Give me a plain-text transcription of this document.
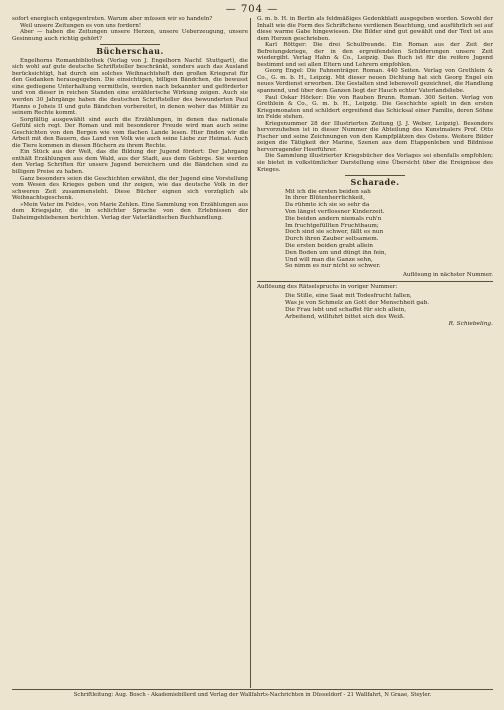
— 704 —

sofort energisch entgegentreten. Warum aber müssen wir so handeln?

Weil unsere Zeitungen es von uns fordern!

Aber — haben die Zeitungen unsere Herzen, unsere Ueberzeugung, unsere Gesinnung auch richtig gehört?

Bücherschau.

Engelhorns Romanbibliothek (Verlag von J. Engelhorn Nachf. Stuttgart), die sich wohl auf gute deutsche Schriftsteller beschränkt, sonders auch das Ausland berücksichtigt, hat durch ein solches Weihnachtsheft den großen Kriegsrat für den Gedanken herausgegeben. Die einsichtigen, billigen Bändchen, die bewusst eine gediegene Unterhaltung vermitteln, werden nach bekannter und geförderter und von dieser in reichen Standen eine erzählerische Wirkung zeigen. Auch sie werden 30 Jahrgänge haben die deutschen Schriftsteller des bewunderten Paul Hanns o Joheis II und gute Bändchen vorbereitet, in denen woher das Militär zu seinem Rechte kommt.

Sorgfältig ausgewählt sind auch die Erzählungen, in denen das nationale Gefühl sich regt. Der Roman und mit besonderer Freude wird man auch seine Geschichten von den Bergen wie vom flachen Lande lesen. Hier finden wir die Arbeit mit den Bauern, das Land von Volk wie auch seine Liebe zur Heimat. Auch die Tiere kommen in diesen Büchern zu ihrem Rechte.

Ein Stück aus der Welt, das die Bildung der Jugend fördert: Der Jahrgang enthält Erzählungen aus dem Wald, aus der Stadt, aus dem Gebirge. Sie werden den Verlag Schriften für unsere Jugend bereichern und die Bändchen sind zu billigem Preise zu haben.

Ganz besonders seien die Geschichten erwähnt, die der Jugend eine Vorstellung vom Wesen des Krieges geben und ihr zeigen, wie das deutsche Volk in der schweren Zeit zusammensteht. Diese Bücher eignen sich vorzüglich als Weihnachtsgeschenk.

»Mein Vater im Felde«, von Marie Zehlen. Eine Sammlung von Erzählungen aus dem Kriegsjahr, die in schlichter Sprache von den Erlebnissen der Daheimgebliebenen berichten. Verlag der Vaterländischen Buchhandlung.

G. m. b. H. in Berlin als feldmäßiges Gedenkblatt ausgegeben worden. Sowohl der Inhalt wie die Form des Schriftchens verdienen Beachtung, und ausführlich sei auf diese warme Gabe hingewiesen. Die Bilder sind gut gewählt und der Text ist aus dem Herzen geschrieben.

Karl Röttger: Die drei Schulfreunde. Ein Roman aus der Zeit der Befreiungskriege, der in den ergreifendsten Schilderungen unsere Zeit wiedergibt. Verlag Hahn & Co., Leipzig. Das Buch ist für die reifere Jugend bestimmt und sei allen Eltern und Lehrern empfohlen.

Georg Engel: Die Fahnenträger. Roman. 440 Seiten. Verlag von Grethlein & Co., G. m. b. H., Leipzig. Mit dieser neuen Dichtung hat sich Georg Engel ein neues Verdienst erworben. Die Gestalten sind lebensvoll gezeichnet, die Handlung spannend, und über dem Ganzen liegt der Hauch echter Vaterlandsliebe.

Paul Oskar Höcker: Die von Rauhen Brunn. Roman. 300 Seiten. Verlag von Grethlein & Co., G. m. b. H., Leipzig. Die Geschichte spielt in den ersten Kriegsmonaten und schildert ergreifend das Schicksal einer Familie, deren Söhne im Felde stehen.

Kriegsnummer 28 der Illustrierten Zeitung (J. J. Weber, Leipzig). Besonders hervorzuheben ist in dieser Nummer die Abteilung des Kunstmalers Prof. Otto Fischer und seine Zeichnungen von den Kampfplätzen des Ostens. Weitere Bilder zeigen die Tätigkeit der Marine, Szenen aus dem Etappenleben und Bildnisse hervorragender Heerführer.

Die Sammlung illustrierter Kriegsbücher des Verlages sei ebenfalls empfohlen; sie bietet in volkstümlicher Darstellung eine Übersicht über die Ereignisse des Krieges.

Scharade.
Mit ich die ersten beiden sah
In ihrer Blütenherrlichkeit,
Da rühmte ich sie so sehr da
Von längst verflossner Kinderzeit.
Die beiden andern niemals ruh'n
Im fruchtgefüllten Fruchtbaum;
Doch sind sie schwer, fällt es nun
Durch ihren Zauber seltsamem.
Die ersten beiden grabt allein
Den Boden um und düngt ihn fein,
Und will man die Ganze sehn,
So nimm es nur nicht so schwer.

Auflösung in nächster Nummer.

Auflösung des Rätselspruchs in voriger Nummer:

Die Stille, eine Saat mit Todesfrucht fallen,
Was je von Schmelz an Gott der Menschheit gab.
Die Frau lebt und schaffet für sich allein,
Arbeitend, willfuhrt bittet sich des Weiß.
R. Schiebeling.
Schriftleitung: Aug. Bosch - Akademiebillerd und Verlag der Wallfahrts-Nachrichten in Düsseldorf - 21 Wallfahrt, N Graae, Steyler.
